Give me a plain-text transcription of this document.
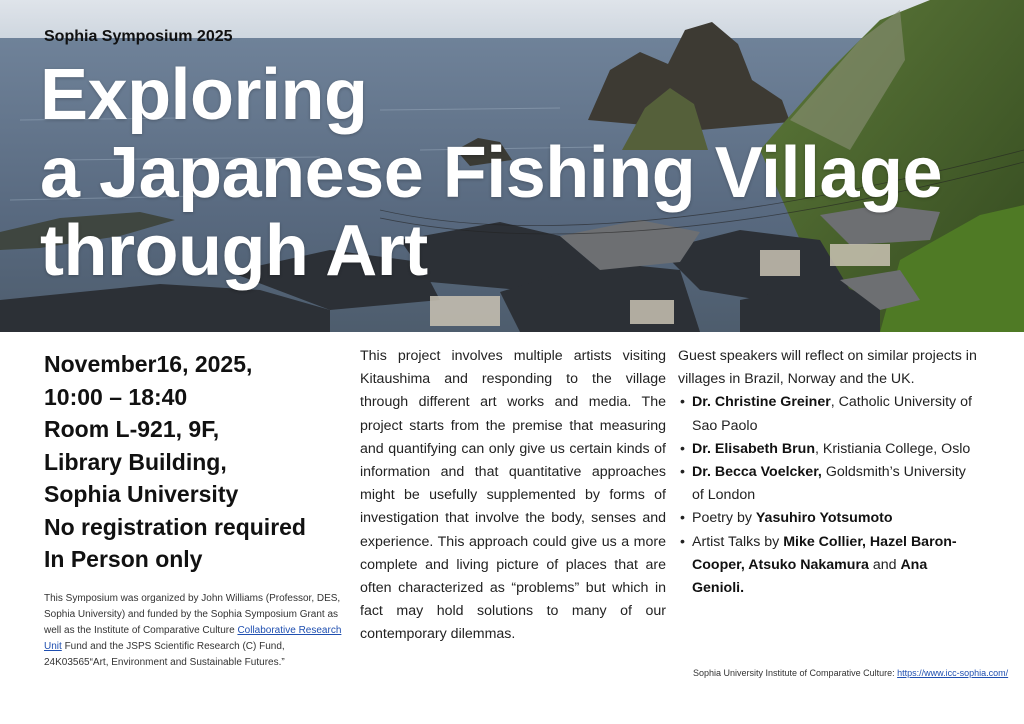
Sophia Symposium 2025
Exploring
a Japanese Fishing Village
through Art
November16, 2025,
10:00 – 18:40
Room L-921, 9F,
Library Building,
Sophia University
No registration required
In Person only
This Symposium was organized by John Williams (Professor, DES, Sophia University) and funded by the Sophia Symposium Grant as well as the Institute of Comparative Culture Collaborative Research Unit Fund and the JSPS Scientific Research (C) Fund, 24K03565“Art, Environment and Sustainable Futures.”
This project involves multiple artists visiting Kitaushima and responding to the village through different art works and media. The project starts from the premise that measuring and quantifying can only give us certain kinds of information and that quantitative approaches might be usefully supplemented by forms of investigation that involve the body, senses and experience. This approach could give us a more complete and living picture of places that are often characterized as “problems” but which in fact may hold solutions to many of our contemporary dilemmas.
Guest speakers will reflect on similar projects in villages in Brazil, Norway and the UK.
• Dr. Christine Greiner, Catholic University of Sao Paolo
• Dr. Elisabeth Brun, Kristiania College, Oslo
• Dr. Becca Voelcker, Goldsmith’s University of London
• Poetry by Yasuhiro Yotsumoto
• Artist Talks by Mike Collier, Hazel Baron-Cooper, Atsuko Nakamura and Ana Genioli.
Sophia University Institute of Comparative Culture: https://www.icc-sophia.com/
